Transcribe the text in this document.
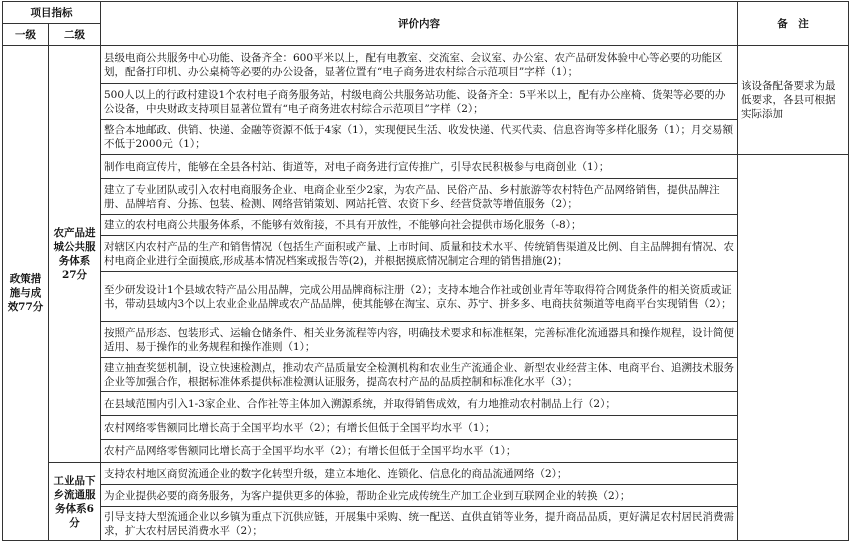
项目指标		评价内容	备　注
一级	二级		
政策措施与成效77分	农产品进城公共服务体系27分	县级电商公共服务中心功能、设备齐全：600平米以上，配有电教室、交流室、会议室、办公室、农产品研发体验中心等必要的功能区划，配备打印机、办公桌椅等必要的办公设备，显著位置有“电子商务进农村综合示范项目”字样（1）；	该设备配备要求为最低要求，各县可根据实际添加
		500人以上的行政村建设1个农村电子商务服务站，村级电商公共服务站功能、设备齐全：5平米以上，配有办公座椅、货架等必要的办公设备，中央财政支持项目显著位置有“电子商务进农村综合示范项目”字样（2）；	
		整合本地邮政、供销、快递、金融等资源不低于4家（1），实现便民生活、收发快递、代买代卖、信息咨询等多样化服务（1）；月交易额不低于2000元（1）；	
		制作电商宣传片，能够在全县各村站、街道等，对电子商务进行宣传推广，引导农民积极参与电商创业（1）；	
		建立了专业团队或引入农村电商服务企业、电商企业至少2家，为农产品、民俗产品、乡村旅游等农村特色产品网络销售，提供品牌注册、品牌培育、分拣、包装、检测、网络营销策划、网站托管、农资下乡、经营贷款等增值服务（2）；	
		建立的农村电商公共服务体系，不能够有效衔接，不具有开放性，不能够向社会提供市场化服务（-8）；	
		对辖区内农村产品的生产和销售情况（包括生产面积或产量、上市时间、质量和技术水平、传统销售渠道及比例、自主品牌拥有情况、农村电商企业进行全面摸底,形成基本情况档案或报告等(2)，并根据摸底情况制定合理的销售措施(2)；	
		至少研发设计1个县域农特产品公用品牌，完成公用品牌商标注册（2）；支持本地合作社或创业青年等取得符合网货条件的相关资质或证书，带动县域内3个以上农业企业品牌或农产品品牌，使其能够在淘宝、京东、苏宁、拼多多、电商扶贫频道等电商平台实现销售（2）；	
		按照产品形态、包装形式、运输仓储条件、相关业务流程等内容，明确技术要求和标准框架，完善标准化流通器具和操作规程，设计简便适用、易于操作的业务规程和操作准则（1）；	
		建立抽查奖惩机制，设立快速检测点，推动农产品质量安全检测机构和农业生产流通企业、新型农业经营主体、电商平台、追溯技术服务企业等加强合作，根据标准体系提供标准检测认证服务，提高农村产品的品质控制和标准化水平（3）；	
		在县域范围内引入1-3家企业、合作社等主体加入溯源系统，并取得销售成效，有力地推动农村制品上行（2）；	
		农村网络零售额同比增长高于全国平均水平（2）；有增长但低于全国平均水平（1）；	
		农村产品网络零售额同比增长高于全国平均水平（2）；有增长但低于全国平均水平（1）；	
	工业品下乡流通服务体系6分	支持农村地区商贸流通企业的数字化转型升级，建立本地化、连锁化、信息化的商品流通网络（2）；	
		为企业提供必要的商务服务，为客户提供更多的体验，帮助企业完成传统生产加工企业到互联网企业的转换（2）；	
		引导支持大型流通企业以乡镇为重点下沉供应链，开展集中采购、统一配送、直供直销等业务，提升商品品质，更好满足农村居民消费需求，扩大农村居民消费水平（2）；	
